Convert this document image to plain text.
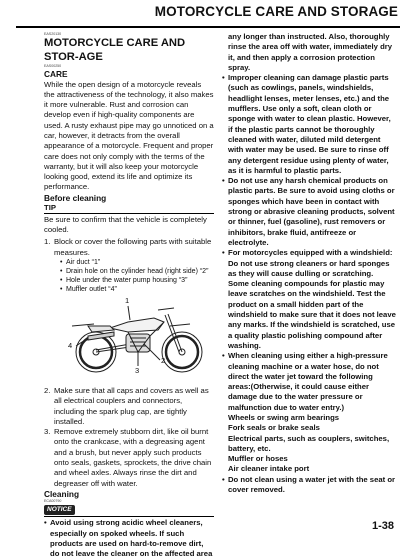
MOTORCYCLE CARE AND STORAGE
EAS20130
MOTORCYCLE CARE AND STOR-AGE
EAS00250
CARE

While the open design of a motorcycle reveals the attractiveness of the technology, it also makes it more vulnerable. Rust and corrosion can develop even if high-quality components are used. A rusty exhaust pipe may go unnoticed on a car, however, it detracts from the overall appearance of a motorcycle. Frequent and proper care does not only comply with the terms of the warranty, but it will also keep your motorcycle looking good, extend its life and optimize its performance.

Before cleaning
TIP

Be sure to confirm that the vehicle is completely cooled.

1. Block or cover the following parts with suitable measures.
• Air duct “1”
• Drain hole on the cylinder head (right side) “2”
• Hole under the water pump housing “3”
• Muffler outlet “4”
1
2
3
4
2. Make sure that all caps and covers as well as all electrical couplers and connectors, including the spark plug cap, are tightly installed.
3. Remove extremely stubborn dirt, like oil burnt onto the crankcase, with a degreasing agent and a brush, but never apply such products onto seals, gaskets, sprockets, the drive chain and wheel axles. Always rinse the dirt and degreaser off with water.
Cleaning
ECA00790
NOTICE
• Avoid using strong acidic wheel cleaners, especially on spoked wheels. If such products are used on hard-to-remove dirt, do not leave the cleaner on the affected area
any longer than instructed. Also, thoroughly rinse the area off with water, immediately dry it, and then apply a corrosion protection spray.
• Improper cleaning can damage plastic parts (such as cowlings, panels, windshields, headlight lenses, meter lenses, etc.) and the mufflers. Use only a soft, clean cloth or sponge with water to clean plastic. However, if the plastic parts cannot be thoroughly cleaned with water, diluted mild detergent with water may be used. Be sure to rinse off any detergent residue using plenty of water, as it is harmful to plastic parts.
• Do not use any harsh chemical products on plastic parts. Be sure to avoid using cloths or sponges which have been in contact with strong or abrasive cleaning products, solvent or thinner, fuel (gasoline), rust removers or inhibitors, brake fluid, antifreeze or electrolyte.
• For motorcycles equipped with a windshield: Do not use strong cleaners or hard sponges as they will cause dulling or scratching. Some cleaning compounds for plastic may leave scratches on the windshield. Test the product on a small hidden part of the windshield to make sure that it does not leave any marks. If the windshield is scratched, use a quality plastic polishing compound after washing.
• When cleaning using either a high-pressure cleaning machine or a water hose, do not direct the water jet toward the following areas:(Otherwise, it could cause either damage due to the water pressure or malfunction due to water entry.)
Wheels or swing arm bearings
Fork seals or brake seals
Electrical parts, such as couplers, switches, battery, etc.
Muffler or hoses
Air cleaner intake port
• Do not clean using a water jet with the seat or cover removed.
1-38
